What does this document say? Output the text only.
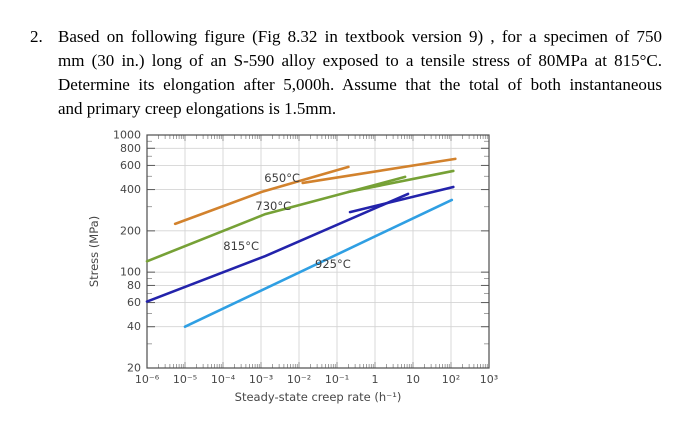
2. Based on following figure (Fig 8.32 in textbook version 9) , for a specimen of 750
mm (30 in.) long of an S-590 alloy exposed to a tensile stress of 80MPa at 815°C.
Determine its elongation after 5,000h. Assume that the total of both instantaneous
and primary creep elongations is 1.5mm.
650°C
730°C
815°C
925°C
10⁻⁶ 10⁻⁵ 10⁻⁴ 10⁻³ 10⁻² 10⁻¹ 1	10 10² 10³
1000
800
600
400
200
100
80
60
40
20
Steady-state creep rate (h⁻¹)
Stress (MPa)
